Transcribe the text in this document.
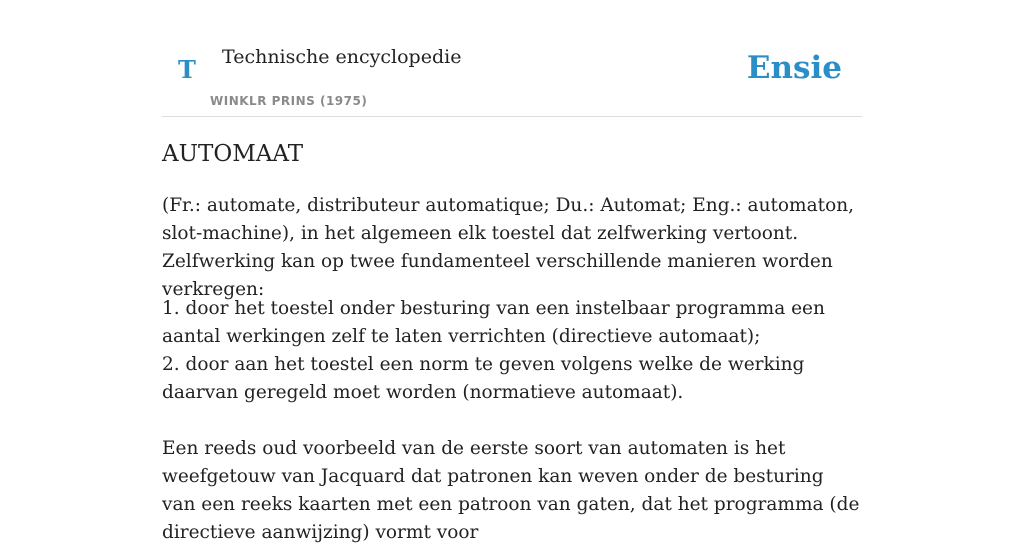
T Technische encyclopedie
WINKLR PRINS (1975)
Ensie
AUTOMAAT

(Fr.: automate, distributeur automatique; Du.: Automat; Eng.: automaton, slot-machine), in het algemeen elk toestel dat zelfwerking vertoont. Zelfwerking kan op twee fundamenteel verschillende manieren worden verkregen:

1. door het toestel onder besturing van een instelbaar programma een aantal werkingen zelf te laten verrichten (directieve automaat);

2. door aan het toestel een norm te geven volgens welke de werking daarvan geregeld moet worden (normatieve automaat).

Een reeds oud voorbeeld van de eerste soort van automaten is het weefgetouw van Jacquard dat patronen kan weven onder de besturing van een reeks kaarten met een patroon van gaten, dat het programma (de directieve aanwijzing) vormt voor
